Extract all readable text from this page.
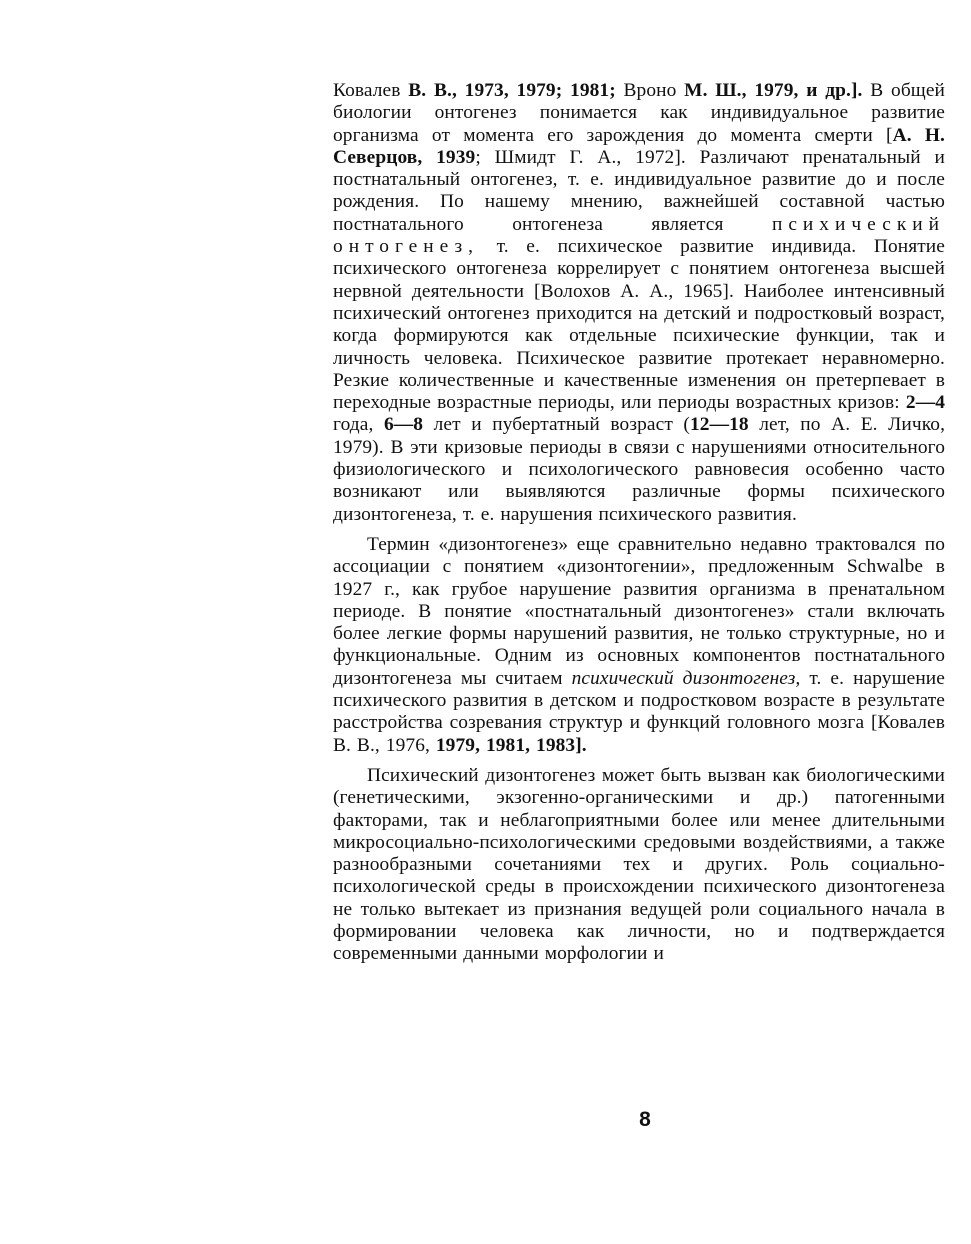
Ковалев В. В., 1973, 1979; 1981; Вроно М. Ш., 1979, и др.]. В общей биологии онтогенез понимается как индивидуальное развитие организма от момента его зарождения до момента смерти [А. Н. Северцов, 1939; Шмидт Г. А., 1972]. Различают пренатальный и постнатальный онтогенез, т. е. индивидуальное развитие до и после рождения. По нашему мнению, важнейшей составной частью постнатального онтогенеза является психический онтогенез, т. е. психическое развитие индивида. Понятие психического онтогенеза коррелирует с понятием онтогенеза высшей нервной деятельности [Волохов А. А., 1965]. Наиболее интенсивный психический онтогенез приходится на детский и подростковый возраст, когда формируются как отдельные психические функции, так и личность человека. Психическое развитие протекает неравномерно. Резкие количественные и качественные изменения он претерпевает в переходные возрастные периоды, или периоды возрастных кризов: 2—4 года, 6—8 лет и пубертатный возраст (12—18 лет, по А. Е. Личко, 1979). В эти кризовые периоды в связи с нарушениями относительного физиологического и психологического равновесия особенно часто возникают или выявляются различные формы психического дизонтогенеза, т. е. нарушения психического развития.

Термин «дизонтогенез» еще сравнительно недавно трактовался по ассоциации с понятием «дизонтогении», предложенным Schwalbe в 1927 г., как грубое нарушение развития организма в пренатальном периоде. В понятие «постнатальный дизонтогенез» стали включать более легкие формы нарушений развития, не только структурные, но и функциональные. Одним из основных компонентов постнатального дизонтогенеза мы считаем психический дизонтогенез, т. е. нарушение психического развития в детском и подростковом возрасте в результате расстройства созревания структур и функций головного мозга [Ковалев В. В., 1976, 1979, 1981, 1983].

Психический дизонтогенез может быть вызван как биологическими (генетическими, экзогенно-органическими и др.) патогенными факторами, так и неблагоприятными более или менее длительными микросоциально-психологическими средовыми воздействиями, а также разнообразными сочетаниями тех и других. Роль социально-психологической среды в происхождении психического дизонтогенеза не только вытекает из признания ведущей роли социального начала в формировании человека как личности, но и подтверждается современными данными морфологии и

8
